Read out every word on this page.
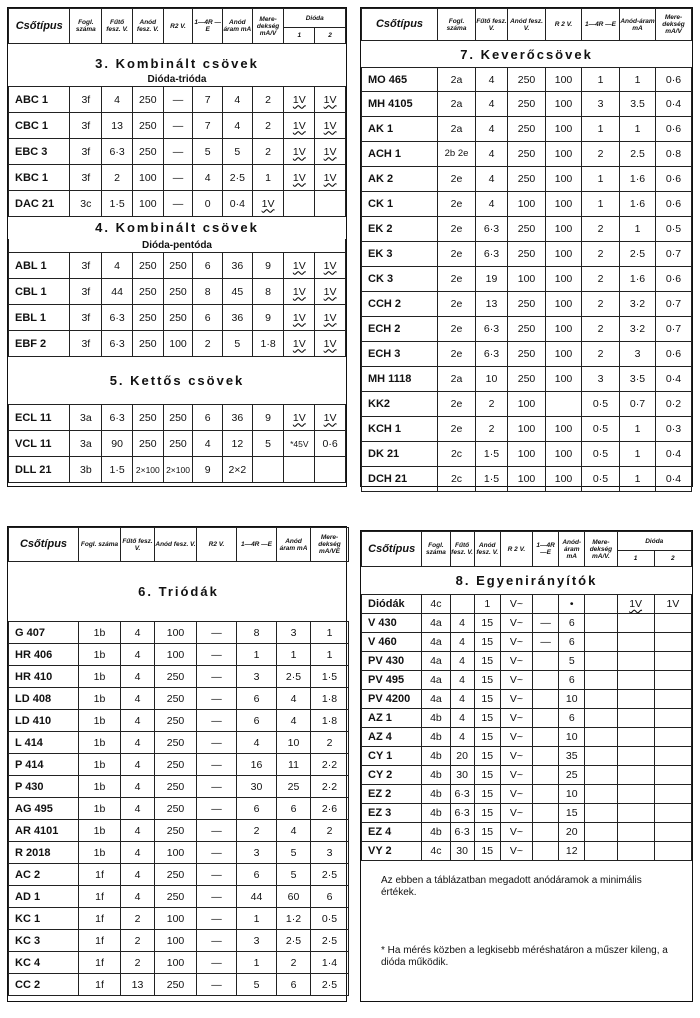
Csőtípus	Fogl. száma	Fűtő fesz. V.	Anód fesz. V.	R2 V.	1—4R —E	Anód áram mA	Mere-dekség mA/V	Dióda	
								1	2

3. Kombinált csövek									
Dióda-trióda									
ABC 1	3f	4	250	—	7	4	2	1V	1V
CBC 1	3f	13	250	—	7	4	2	1V	1V
EBC 3	3f	6·3	250	—	5	5	2	1V	1V
KBC 1	3f	2	100	—	4	2·5	1	1V	1V
DAC 21	3c	1·5	100	—	0	0·4	1V		
4. Kombinált csövek									
Dióda-pentóda									
ABL 1	3f	4	250	250	6	36	9	1V	1V
CBL 1	3f	44	250	250	8	45	8	1V	1V
EBL 1	3f	6·3	250	250	6	36	9	1V	1V
EBF 2	3f	6·3	250	100	2	5	1·8	1V	1V
5. Kettős csövek									
ECL 11	3a	6·3	250	250	6	36	9	1V	1V
VCL 11	3a	90	250	250	4	12	5	*45V	0·6
DLL 21	3b	1·5	2×100	2×100	9	2×2			
Csőtípus	Fogl. száma	Fűtő fesz. V.	Anód fesz. V.	R 2 V.	1—4R —E	Anód-áram mA	Mere-dekség mA/V
7. Keverőcsövek							
MO 465	2a	4	250	100	1	1	0·6
MH 4105	2a	4	250	100	3	3.5	0·4
AK 1	2a	4	250	100	1	1	0·6
ACH 1	2b 2e	4	250	100	2	2.5	0·8
AK 2	2e	4	250	100	1	1·6	0·6
CK 1	2e	4	100	100	1	1·6	0·6
EK 2	2e	6·3	250	100	2	1	0·5
EK 3	2e	6·3	250	100	2	2·5	0·7
CK 3	2e	19	100	100	2	1·6	0·6
CCH 2	2e	13	250	100	2	3·2	0·7
ECH 2	2e	6·3	250	100	2	3·2	0·7
ECH 3	2e	6·3	250	100	2	3	0·6
MH 1118	2a	10	250	100	3	3·5	0·4
KK2	2e	2	100		0·5	0·7	0·2
KCH 1	2e	2	100	100	0·5	1	0·3
DK 21	2c	1·5	100	100	0·5	1	0·4
DCH 21	2c	1·5	100	100	0·5	1	0·4
Csőtípus	Fogl. száma	Fűtő fesz. V.	Anód fesz. V.	R2 V.	1—4R —E	Anód áram mA	Mere-dekség mA/VE
6. Triódák							
G 407	1b	4	100	—	8	3	1
HR 406	1b	4	100	—	1	1	1
HR 410	1b	4	250	—	3	2·5	1·5
LD 408	1b	4	250	—	6	4	1·8
LD 410	1b	4	250	—	6	4	1·8
L 414	1b	4	250	—	4	10	2
P 414	1b	4	250	—	16	11	2·2
P 430	1b	4	250	—	30	25	2·2
AG 495	1b	4	250	—	6	6	2·6
AR 4101	1b	4	250	—	2	4	2
R 2018	1b	4	100	—	3	5	3
AC 2	1f	4	250	—	6	5	2·5
AD 1	1f	4	250	—	44	60	6
KC 1	1f	2	100	—	1	1·2	0·5
KC 3	1f	2	100	—	3	2·5	2·5
KC 4	1f	2	100	—	1	2	1·4
CC 2	1f	13	250	—	5	6	2·5
Csőtípus	Fogl. száma	Fűtő fesz. V.	Anód fesz. V.	R 2 V.	1—4R —E	Anód-áram mA	Mere-dekség mA/V.	Dióda	
								1	2
8. Egyenirányítók									
Diódák	4c		1	V~		•		1V	1V
V 430	4a	4	15	V~	—	6			
V 460	4a	4	15	V~	—	6			
PV 430	4a	4	15	V~		5			
PV 495	4a	4	15	V~		6			
PV 4200	4a	4	15	V~		10			
AZ 1	4b	4	15	V~		6			
AZ 4	4b	4	15	V~		10			
CY 1	4b	20	15	V~		35			
CY 2	4b	30	15	V~		25			
EZ 2	4b	6·3	15	V~		10			
EZ 3	4b	6·3	15	V~		15			
EZ 4	4b	6·3	15	V~		20			
VY 2	4c	30	15	V~		12			
Az ebben a táblázatban megadott anódáramok a minimális értékek.
* Ha mérés közben a legkisebb méréshatáron a műszer kileng, a dióda működik.
